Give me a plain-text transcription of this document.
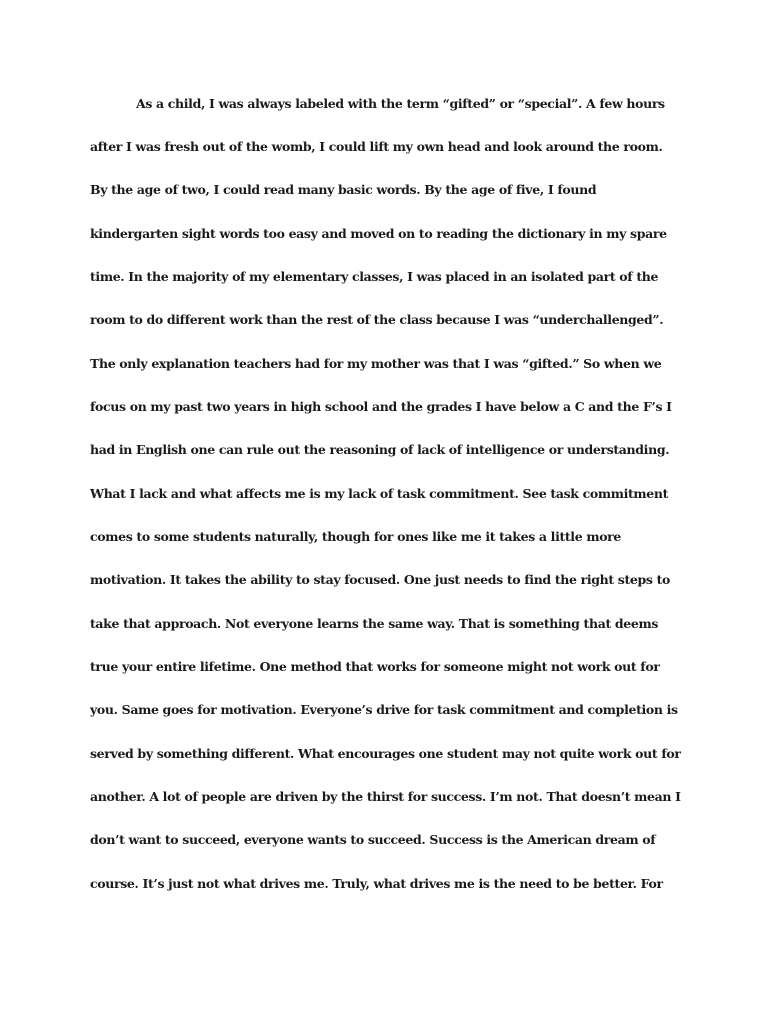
As a child, I was always labeled with the term “gifted” or “special”. A few hours

after I was fresh out of the womb, I could lift my own head and look around the room.

By the age of two, I could read many basic words. By the age of five, I found

kindergarten sight words too easy and moved on to reading the dictionary in my spare

time. In the majority of my elementary classes, I was placed in an isolated part of the

room to do different work than the rest of the class because I was “underchallenged”.

The only explanation teachers had for my mother was that I was “gifted.” So when we

focus on my past two years in high school and the grades I have below a C and the F’s I

had in English one can rule out the reasoning of lack of intelligence or understanding.

What I lack and what affects me is my lack of task commitment. See task commitment

comes to some students naturally, though for ones like me it takes a little more

motivation. It takes the ability to stay focused. One just needs to find the right steps to

take that approach. Not everyone learns the same way. That is something that deems

true your entire lifetime. One method that works for someone might not work out for

you. Same goes for motivation. Everyone’s drive for task commitment and completion is

served by something different. What encourages one student may not quite work out for

another. A lot of people are driven by the thirst for success. I’m not. That doesn’t mean I

don’t want to succeed, everyone wants to succeed. Success is the American dream of

course. It’s just not what drives me. Truly, what drives me is the need to be better. For
